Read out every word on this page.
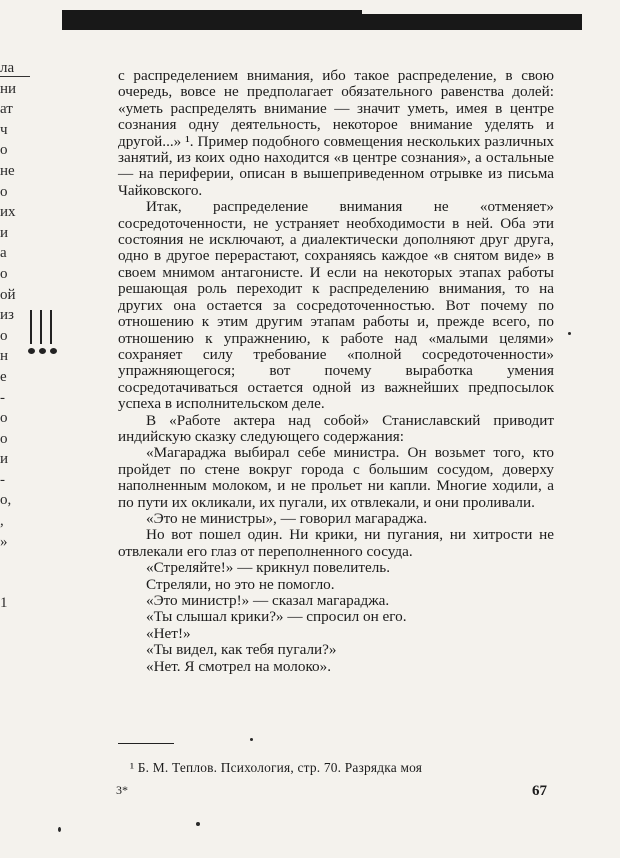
ла
ни
ат
ч
о
не
о
их
и
а
о
ой
из
о
н
е
-
о
о
и
-
о,
,
»

1

с распределением внимания, ибо такое распределение, в свою очередь, вовсе не предполагает обязательного равенства долей: «уметь распределять внимание — значит уметь, имея в центре сознания одну деятельность, некоторое внимание уделять и другой...» ¹. Пример подобного совмещения нескольких различных занятий, из коих одно находится «в центре сознания», а остальные — на периферии, описан в вышеприведенном отрывке из письма Чайковского.

Итак, распределение внимания не «отменяет» сосредоточенности, не устраняет необходимости в ней. Оба эти состояния не исключают, а диалектически дополняют друг друга, одно в другое перерастают, сохраняясь каждое «в снятом виде» в своем мнимом антагонисте. И если на некоторых этапах работы решающая роль переходит к распределению внимания, то на других она остается за сосредоточенностью. Вот почему по отношению к этим другим этапам работы и, прежде всего, по отношению к упражнению, к работе над «малыми целями» сохраняет силу требование «полной сосредоточенности» упражняющегося; вот почему выработка умения сосредотачиваться остается одной из важнейших предпосылок успеха в исполнительском деле.

В «Работе актера над собой» Станиславский приводит индийскую сказку следующего содержания:

«Магараджа выбирал себе министра. Он возьмет того, кто пройдет по стене вокруг города с большим сосудом, доверху наполненным молоком, и не прольет ни капли. Многие ходили, а по пути их окликали, их пугали, их отвлекали, и они проливали.

«Это не министры», — говорил магараджа.

Но вот пошел один. Ни крики, ни пугания, ни хитрости не отвлекали его глаз от переполненного сосуда.

«Стреляйте!» — крикнул повелитель.

Стреляли, но это не помогло.

«Это министр!» — сказал магараджа.

«Ты слышал крики?» — спросил он его.

«Нет!»

«Ты видел, как тебя пугали?»

«Нет. Я смотрел на молоко».

¹ Б. М. Теплов. Психология, стр. 70. Разрядка моя
3*	67
